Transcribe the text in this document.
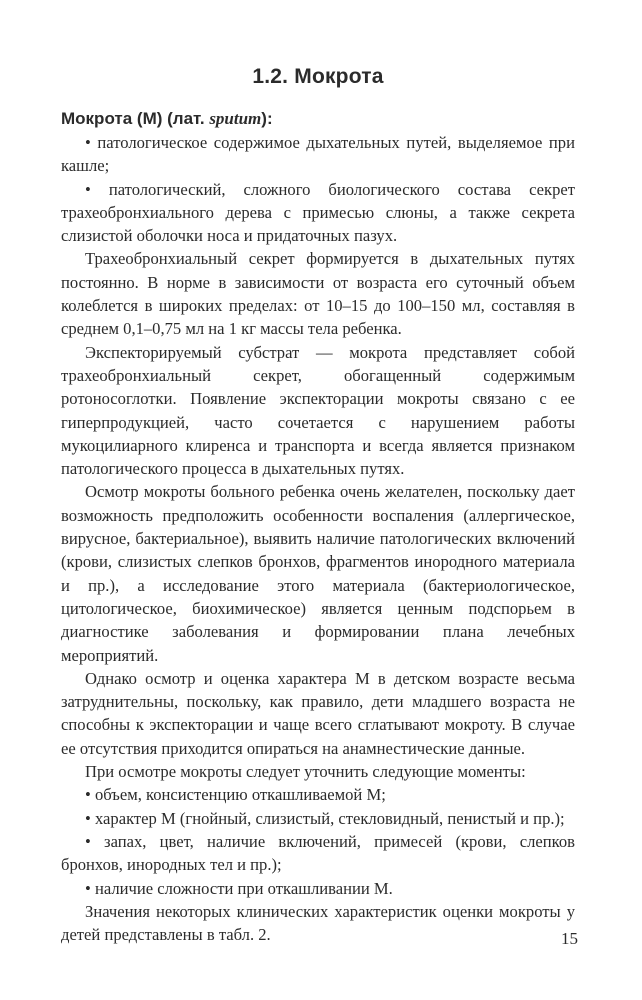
1.2. Мокрота
Мокрота (М) (лат. sputum):

• патологическое содержимое дыхательных путей, выделяемое при кашле;

• патологический, сложного биологического состава секрет трахеобронхиального дерева с примесью слюны, а также секрета слизистой оболочки носа и придаточных пазух.

Трахеобронхиальный секрет формируется в дыхательных путях постоянно. В норме в зависимости от возраста его суточный объем колеблется в широких пределах: от 10–15 до 100–150 мл, составляя в среднем 0,1–0,75 мл на 1 кг массы тела ребенка.

Экспекторируемый субстрат — мокрота представляет собой трахеобронхиальный секрет, обогащенный содержимым ротоносоглотки. Появление экспекторации мокроты связано с ее гиперпродукцией, часто сочетается с нарушением работы мукоцилиарного клиренса и транспорта и всегда является признаком патологического процесса в дыхательных путях.

Осмотр мокроты больного ребенка очень желателен, поскольку дает возможность предположить особенности воспаления (аллергическое, вирусное, бактериальное), выявить наличие патологических включений (крови, слизистых слепков бронхов, фрагментов инородного материала и пр.), а исследование этого материала (бактериологическое, цитологическое, биохимическое) является ценным подспорьем в диагностике заболевания и формировании плана лечебных мероприятий.

Однако осмотр и оценка характера М в детском возрасте весьма затруднительны, поскольку, как правило, дети младшего возраста не способны к экспекторации и чаще всего сглатывают мокроту. В случае ее отсутствия приходится опираться на анамнестические данные.

При осмотре мокроты следует уточнить следующие моменты:

• объем, консистенцию откашливаемой М;

• характер М (гнойный, слизистый, стекловидный, пенистый и пр.);

• запах, цвет, наличие включений, примесей (крови, слепков бронхов, инородных тел и пр.);

• наличие сложности при откашливании М.

Значения некоторых клинических характеристик оценки мокроты у детей представлены в табл. 2.	15
